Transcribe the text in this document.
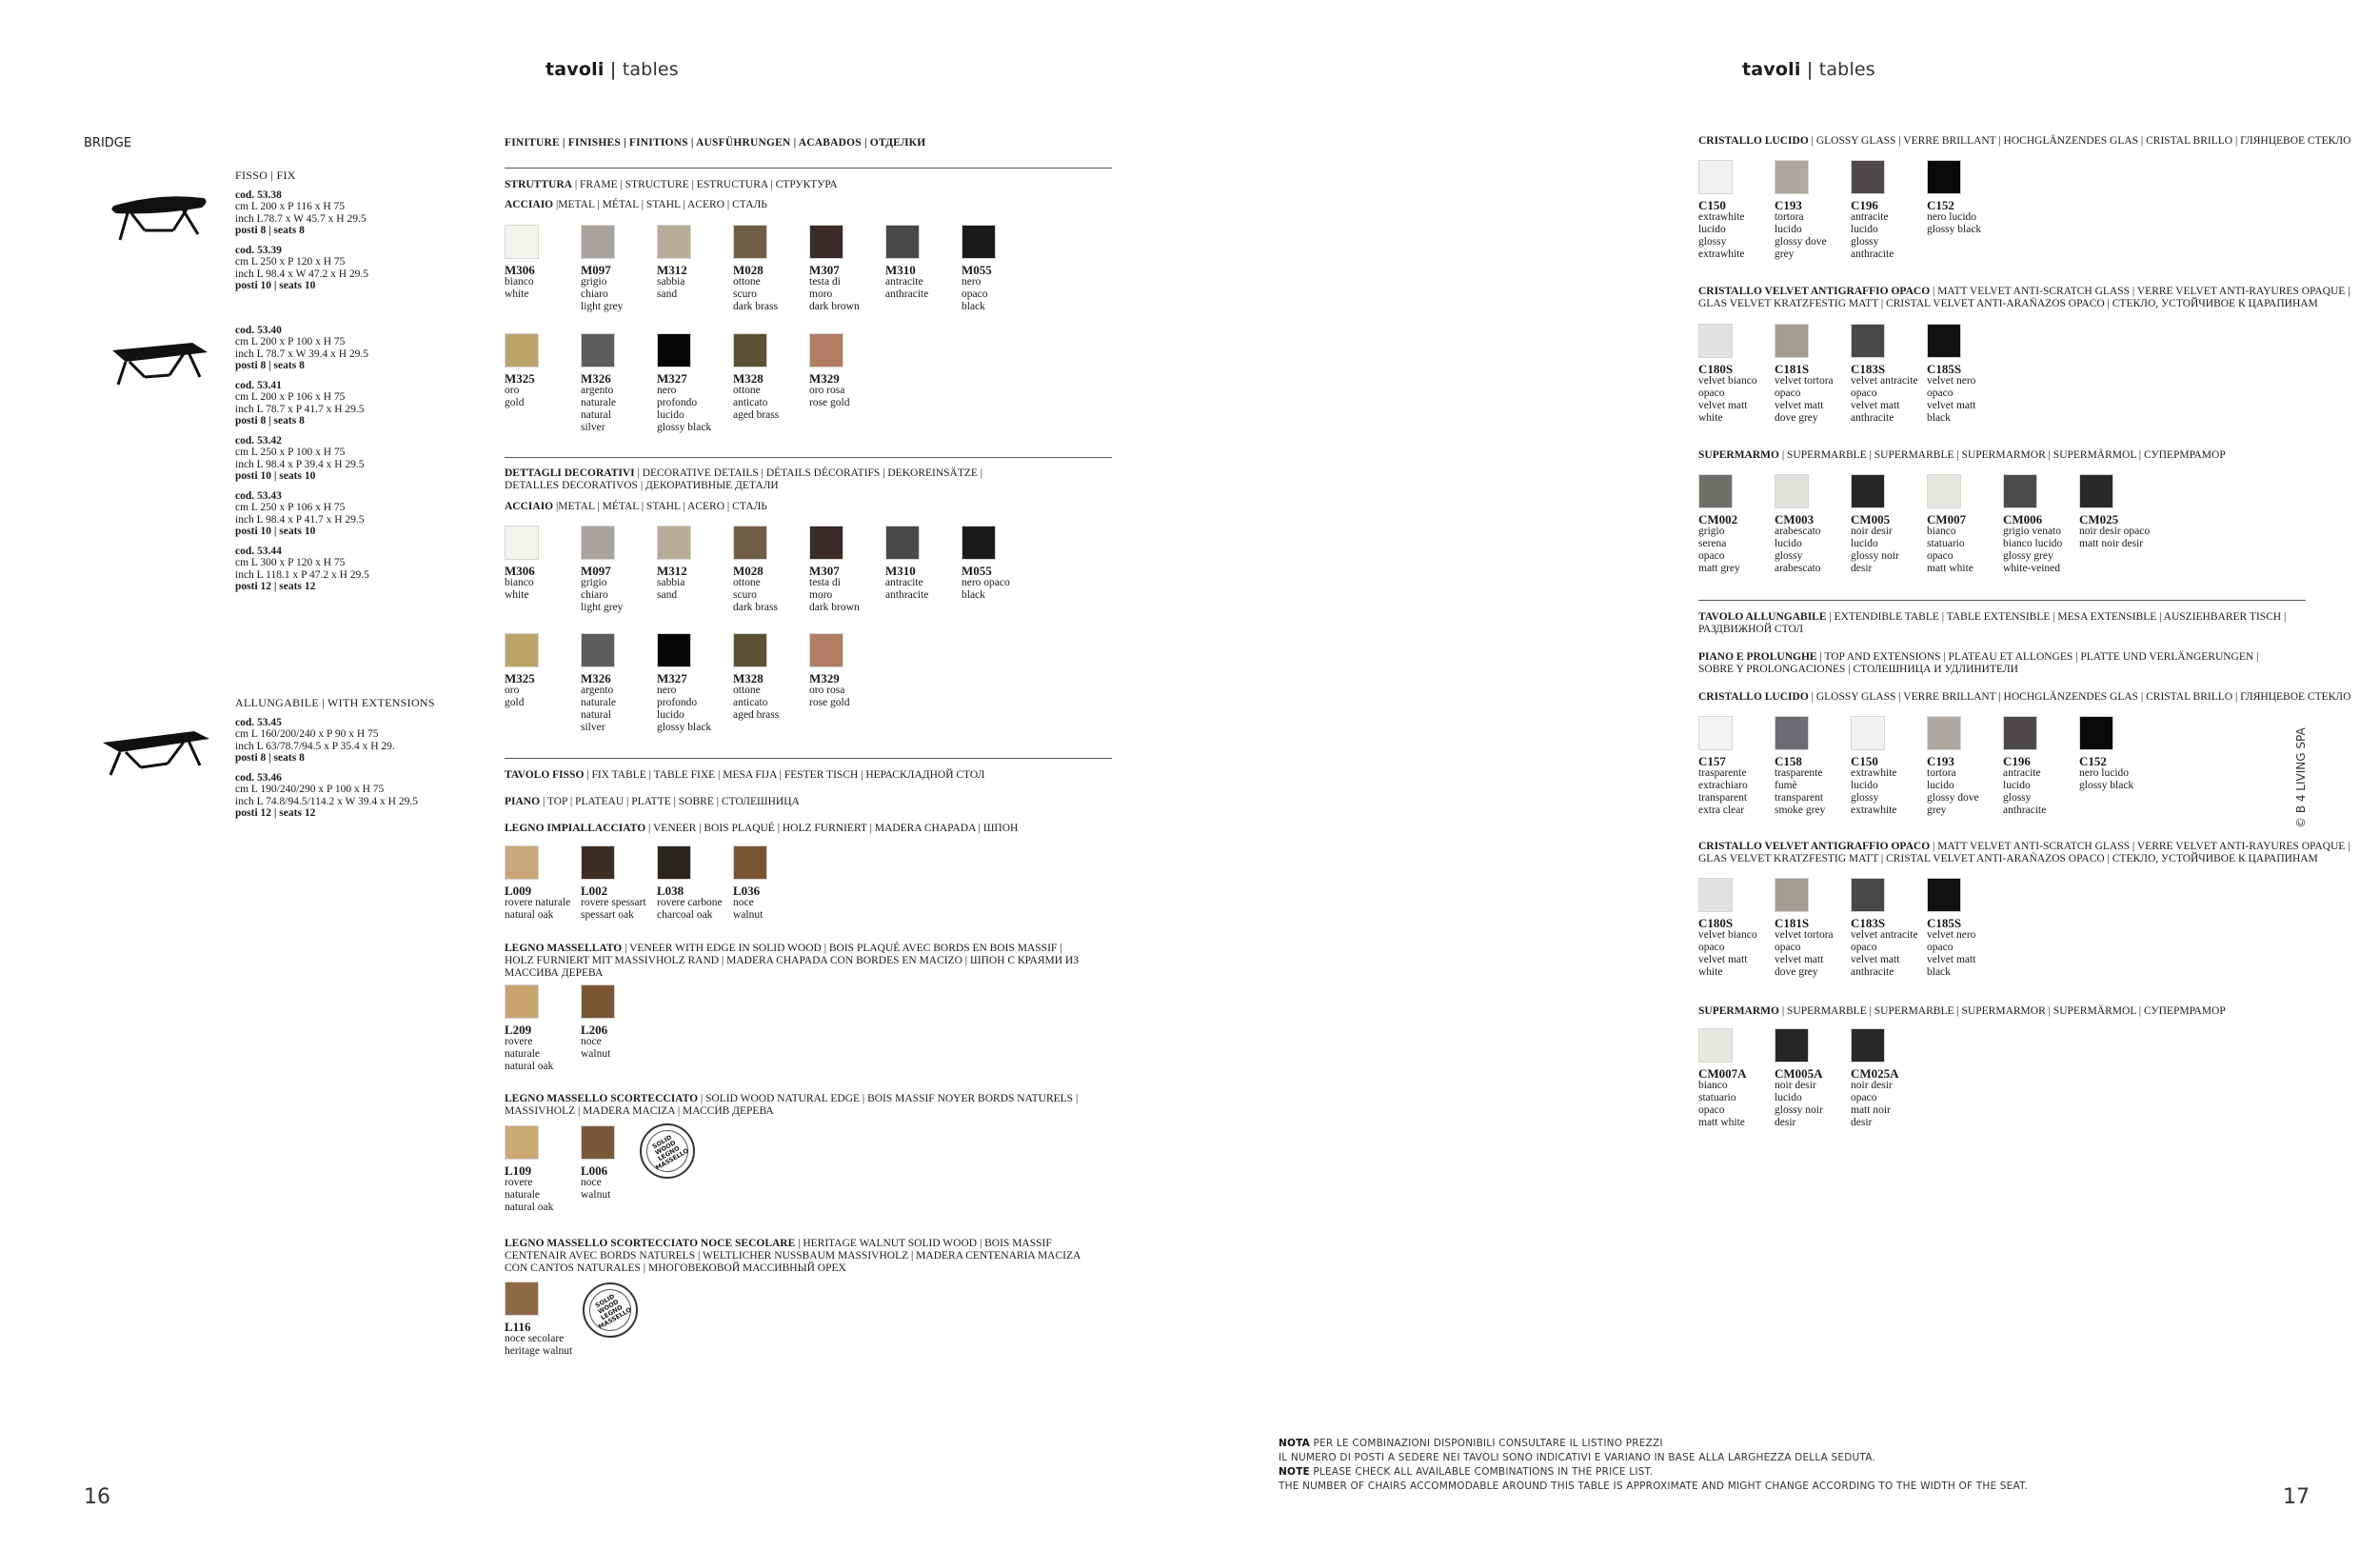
tavoli | tables	tavoli | tables
BRIDGE
FISSO | FIX
cod. 53.38
cm L 200 x P 116 x H 75
inch L78.7 x W 45.7 x H 29.5
posti 8 | seats 8
cod. 53.39
cm L 250 x P 120 x H 75
inch L 98.4 x W 47.2 x H 29.5
posti 10 | seats 10
cod. 53.40
cm L 200 x P 100 x H 75
inch L 78.7 x W 39.4 x H 29.5
posti 8 | seats 8
cod. 53.41
cm L 200 x P 106 x H 75
inch L 78.7 x P 41.7 x H 29.5
posti 8 | seats 8
cod. 53.42
cm L 250 x P 100 x H 75
inch L 98.4 x P 39.4 x H 29.5
posti 10 | seats 10
cod. 53.43
cm L 250 x P 106 x H 75
inch L 98.4 x P 41.7 x H 29.5
posti 10 | seats 10
cod. 53.44
cm L 300 x P 120 x H 75
inch L 118.1 x P 47.2 x H 29.5
posti 12 | seats 12
ALLUNGABILE | WITH EXTENSIONS
cod. 53.45
cm L 160/200/240 x P 90 x H 75
inch L 63/78.7/94.5 x P 35.4 x H 29.
posti 8 | seats 8
cod. 53.46
cm L 190/240/290 x P 100 x H 75
inch L 74.8/94.5/114.2 x W 39.4 x H 29.5
posti 12 | seats 12
FINITURE | FINISHES | FINITIONS | AUSFÜHRUNGEN | ACABADOS | ОТДЕЛКИ
STRUTTURA | FRAME | STRUCTURE | ESTRUCTURA | СТРУКТУРА
ACCIAIO |METAL | MÉTAL | STAHL | ACERO | СТАЛЬ
M306
bianco
white
M097
grigio
chiaro
light grey
M312
sabbia
sand
M028
ottone
scuro
dark brass
M307
testa di
moro
dark brown
M310
antracite
anthracite
M055
nero
opaco
black
M325
oro
gold
M326
argento
naturale
natural
silver
M327
nero
profondo
lucido
glossy black
M328
ottone
anticato
aged brass
M329
oro rosa
rose gold
DETTAGLI DECORATIVI | DECORATIVE DETAILS | DÉTAILS DÉCORATIFS | DEKOREINSÄTZE |
DETALLES DECORATIVOS | ДЕКОРАТИВНЫЕ ДЕТАЛИ
ACCIAIO |METAL | MÉTAL | STAHL | ACERO | СТАЛЬ
M306
bianco
white
M097
grigio
chiaro
light grey
M312
sabbia
sand
M028
ottone
scuro
dark brass
M307
testa di
moro
dark brown
M310
antracite
anthracite
M055
nero opaco
black
M325
oro
gold
M326
argento
naturale
natural
silver
M327
nero
profondo
lucido
glossy black
M328
ottone
anticato
aged brass
M329
oro rosa
rose gold
TAVOLO FISSO | FIX TABLE | TABLE FIXE | MESA FIJA | FESTER TISCH | НЕРАСКЛАДНОЙ СТОЛ
PIANO | TOP | PLATEAU | PLATTE | SOBRE | СТОЛЕШНИЦА
LEGNO IMPIALLACCIATO | VENEER | BOIS PLAQUÉ | HOLZ FURNIERT | MADERA CHAPADA | ШПОН
L009
rovere naturale
natural oak
L002
rovere spessart
spessart oak
L038
rovere carbone
charcoal oak
L036
noce
walnut
LEGNO MASSELLATO | VENEER WITH EDGE IN SOLID WOOD | BOIS PLAQUÉ AVEC BORDS EN BOIS MASSIF |
HOLZ FURNIERT MIT MASSIVHOLZ RAND | MADERA CHAPADA CON BORDES EN MACIZO | ШПОН С КРАЯМИ ИЗ
МАССИВА ДЕРЕВА
L209
rovere
naturale
natural oak
L206
noce
walnut
LEGNO MASSELLO SCORTECCIATO | SOLID WOOD NATURAL EDGE | BOIS MASSIF NOYER BORDS NATURELS |
MASSIVHOLZ | MADERA MACIZA | МАССИВ ДЕРЕВА
L109
rovere
naturale
natural oak
L006
noce
walnut
SOLID WOOD
LEGNO MASSELLO
LEGNO MASSELLO SCORTECCIATO NOCE SECOLARE | HERITAGE WALNUT SOLID WOOD | BOIS MASSIF
CENTENAIR AVEC BORDS NATURELS | WELTLICHER NUSSBAUM MASSIVHOLZ | MADERA CENTENARIA MACIZA
CON CANTOS NATURALES | МНОГОВЕКОВОЙ МАССИВНЫЙ ОРЕХ
L116
noce secolare
heritage walnut
SOLID WOOD
LEGNO MASSELLO
CRISTALLO LUCIDO | GLOSSY GLASS | VERRE BRILLANT | HOCHGLÄNZENDES GLAS | CRISTAL BRILLO | ГЛЯНЦЕВОЕ СТЕКЛО
C150
extrawhite
lucido
glossy
extrawhite
C193
tortora
lucido
glossy dove
grey
C196
antracite
lucido
glossy
anthracite
C152
nero lucido
glossy black
CRISTALLO VELVET ANTIGRAFFIO OPACO | MATT VELVET ANTI-SCRATCH GLASS | VERRE VELVET ANTI-RAYURES OPAQUE |
GLAS VELVET KRATZFESTIG MATT | CRISTAL VELVET ANTI-ARAÑAZOS OPACO | СТЕКЛО, УСТОЙЧИВОЕ К ЦАРАПИНАМ
C180S
velvet bianco
opaco
velvet matt
white
C181S
velvet tortora
opaco
velvet matt
dove grey
C183S
velvet antracite
opaco
velvet matt
anthracite
C185S
velvet nero
opaco
velvet matt
black
SUPERMARMO | SUPERMARBLE | SUPERMARBLE | SUPERMARMOR | SUPERMÄRMOL | СУПЕРМРАМОР
CM002
grigio
serena
opaco
matt grey
CM003
arabescato
lucido
glossy
arabescato
CM005
noir desir
lucido
glossy noir
desir
CM007
bianco
statuario
opaco
matt white
CM006
grigio venato
bianco lucido
glossy grey
white-veined
CM025
noir desir opaco
matt noir desir
TAVOLO ALLUNGABILE | EXTENDIBLE TABLE | TABLE EXTENSIBLE | MESA EXTENSIBLE | AUSZIEHBARER TISCH |
РАЗДВИЖНОЙ СТОЛ
PIANO E PROLUNGHE | TOP AND EXTENSIONS | PLATEAU ET ALLONGES | PLATTE UND VERLÄNGERUNGEN |
SOBRE Y PROLONGACIONES | СТОЛЕШНИЦА И УДЛИНИТЕЛИ
CRISTALLO LUCIDO | GLOSSY GLASS | VERRE BRILLANT | HOCHGLÄNZENDES GLAS | CRISTAL BRILLO | ГЛЯНЦЕВОЕ СТЕКЛО
C157
trasparente
extrachiaro
transparent
extra clear
C158
trasparente
fumè
transparent
smoke grey
C150
extrawhite
lucido
glossy
extrawhite
C193
tortora
lucido
glossy dove
grey
C196
antracite
lucido
glossy
anthracite
C152
nero lucido
glossy black
CRISTALLO VELVET ANTIGRAFFIO OPACO | MATT VELVET ANTI-SCRATCH GLASS | VERRE VELVET ANTI-RAYURES OPAQUE |
GLAS VELVET KRATZFESTIG MATT | CRISTAL VELVET ANTI-ARAÑAZOS OPACO | СТЕКЛО, УСТОЙЧИВОЕ К ЦАРАПИНАМ
C180S
velvet bianco
opaco
velvet matt
white
C181S
velvet tortora
opaco
velvet matt
dove grey
C183S
velvet antracite
opaco
velvet matt
anthracite
C185S
velvet nero
opaco
velvet matt
black
SUPERMARMO | SUPERMARBLE | SUPERMARBLE | SUPERMARMOR | SUPERMÄRMOL | СУПЕРМРАМОР
CM007A
bianco
statuario
opaco
matt white
CM005A
noir desir
lucido
glossy noir
desir
CM025A
noir desir
opaco
matt noir
desir
© B 4 LIVING SPA
NOTA PER LE COMBINAZIONI DISPONIBILI CONSULTARE IL LISTINO PREZZI
IL NUMERO DI POSTI A SEDERE NEI TAVOLI SONO INDICATIVI E VARIANO IN BASE ALLA LARGHEZZA DELLA SEDUTA.
NOTE PLEASE CHECK ALL AVAILABLE COMBINATIONS IN THE PRICE LIST.
THE NUMBER OF CHAIRS ACCOMMODABLE AROUND THIS TABLE IS APPROXIMATE AND MIGHT CHANGE ACCORDING TO THE WIDTH OF THE SEAT.
16	17
